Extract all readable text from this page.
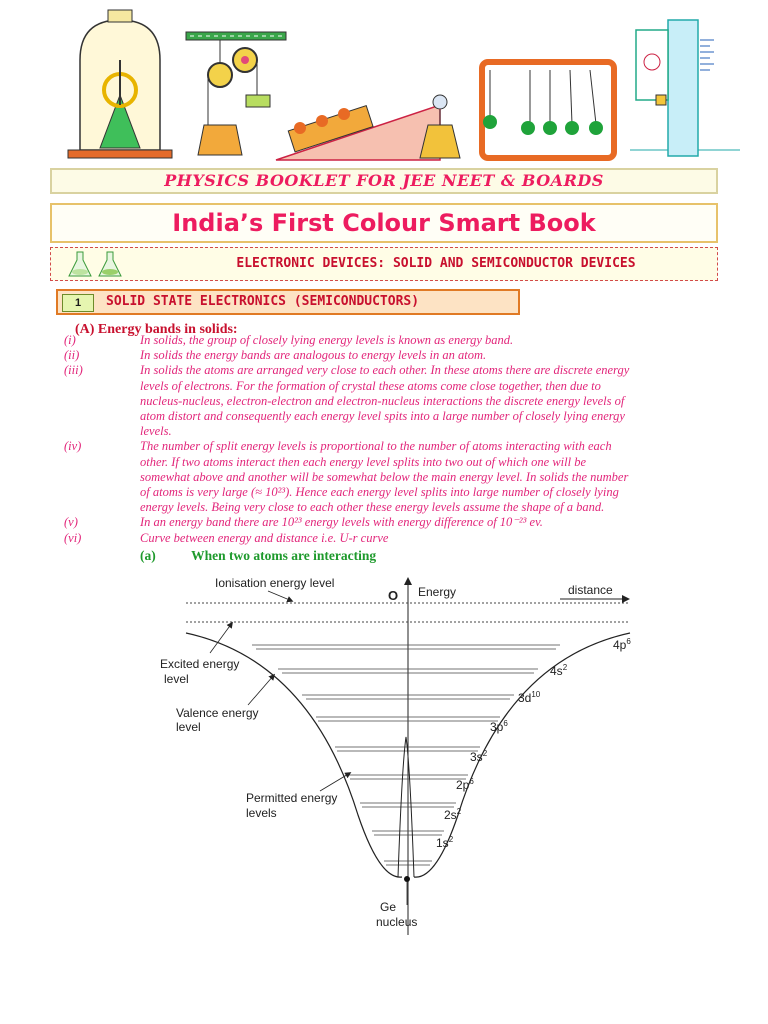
PHYSICS BOOKLET FOR JEE NEET & BOARDS
India’s First Colour Smart Book
ELECTRONIC DEVICES: SOLID AND SEMICONDUCTOR DEVICES
1	SOLID STATE ELECTRONICS (SEMICONDUCTORS)
(A) Energy bands in solids:
(i)	In solids, the group of closely lying energy levels is known as energy band.
(ii)	In solids the energy bands are analogous to energy levels in an atom.
(iii)	In solids the atoms are arranged very close to each other. In these atoms there are discrete energy
levels of electrons. For the formation of crystal these atoms come close together, then due to
nucleus-nucleus, electron-electron and electron-nucleus interactions the discrete energy levels of
atom distort and consequently each energy level spits into a large number of closely lying energy
levels.
(iv)	The number of split energy levels is proportional to the number of atoms interacting with each
other. If two atoms interact then each energy level splits into two out of which one will be
somewhat above and another will be somewhat below the main energy level. In solids the number
of atoms is very large (≈ 10²³). Hence each energy level splits into large number of closely lying
energy levels. Being very close to each other these energy levels assume the shape of a band.
(v)	In an energy band there are 10²³ energy levels with energy difference of 10⁻²³ ev.
(vi)	Curve between energy and distance i.e. U-r curve
(a)	When two atoms are interacting
Ionisation energy level
O Energy	distance
Excited energy
level
Valence energy
level
Permitted energy
levels
Ge
nucleus
$4p^6$
$4s^2$
$3d^{10}$
$3p^6$
$3s^2$
$2p^6$
$2s^2$
$1s^2$
